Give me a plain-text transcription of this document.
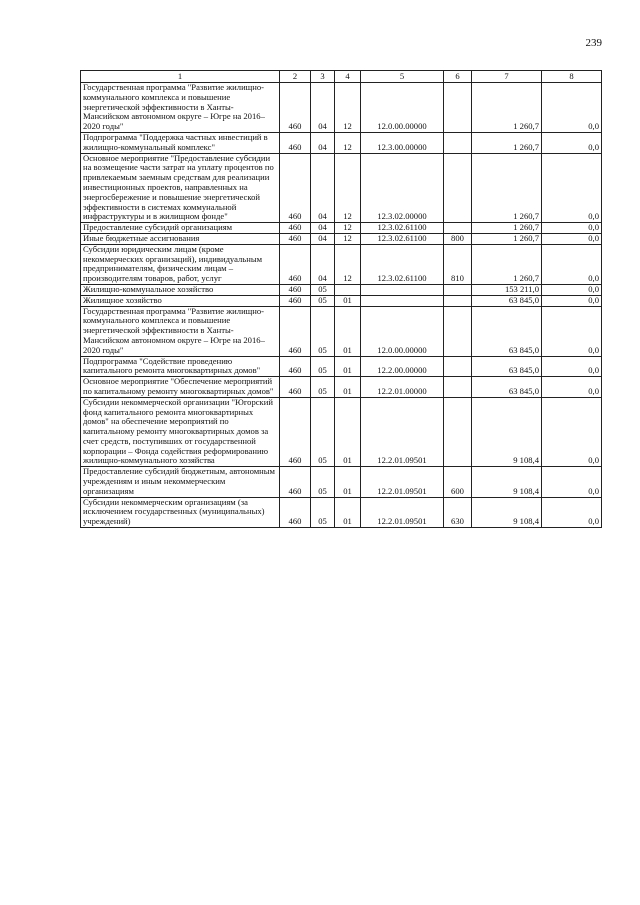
239
1	2	3	4	5	6	7	8
Государственная программа "Развитие жилищно-коммунального комплекса и повышение энергетической эффективности в Ханты-Мансийском автономном округе – Югре на 2016–2020 годы"	460	04	12	12.0.00.00000		1 260,7	0,0
Подпрограмма "Поддержка частных инвестиций в жилищно-коммунальный комплекс"	460	04	12	12.3.00.00000		1 260,7	0,0
Основное мероприятие "Предоставление субсидии на возмещение части затрат на уплату процентов по привлекаемым заемным средствам для реализации инвестиционных проектов, направленных на энергосбережение и повышение энергетической эффективности в системах коммунальной инфраструктуры и в жилищном фонде"	460	04	12	12.3.02.00000		1 260,7	0,0
Предоставление субсидий организациям	460	04	12	12.3.02.61100		1 260,7	0,0
Иные бюджетные ассигнования	460	04	12	12.3.02.61100	800	1 260,7	0,0
Субсидии юридическим лицам (кроме некоммерческих организаций), индивидуальным предпринимателям, физическим лицам – производителям товаров, работ, услуг	460	04	12	12.3.02.61100	810	1 260,7	0,0
Жилищно-коммунальное хозяйство	460	05				153 211,0	0,0
Жилищное хозяйство	460	05	01			63 845,0	0,0
Государственная программа "Развитие жилищно-коммунального комплекса и повышение энергетической эффективности в Ханты-Мансийском автономном округе – Югре на 2016–2020 годы"	460	05	01	12.0.00.00000		63 845,0	0,0
Подпрограмма "Содействие проведению капитального ремонта многоквартирных домов"	460	05	01	12.2.00.00000		63 845,0	0,0
Основное мероприятие "Обеспечение мероприятий по капитальному ремонту многоквартирных домов"	460	05	01	12.2.01.00000		63 845,0	0,0
Субсидии некоммерческой организации "Югорский фонд капитального ремонта многоквартирных домов" на обеспечение мероприятий по капитальному ремонту многоквартирных домов за счет средств, поступивших от государственной корпорации – Фонда содействия реформированию жилищно-коммунального хозяйства	460	05	01	12.2.01.09501		9 108,4	0,0
Предоставление субсидий бюджетным, автономным учреждениям и иным некоммерческим организациям	460	05	01	12.2.01.09501	600	9 108,4	0,0
Субсидии некоммерческим организациям (за исключением государственных (муниципальных) учреждений)	460	05	01	12.2.01.09501	630	9 108,4	0,0
